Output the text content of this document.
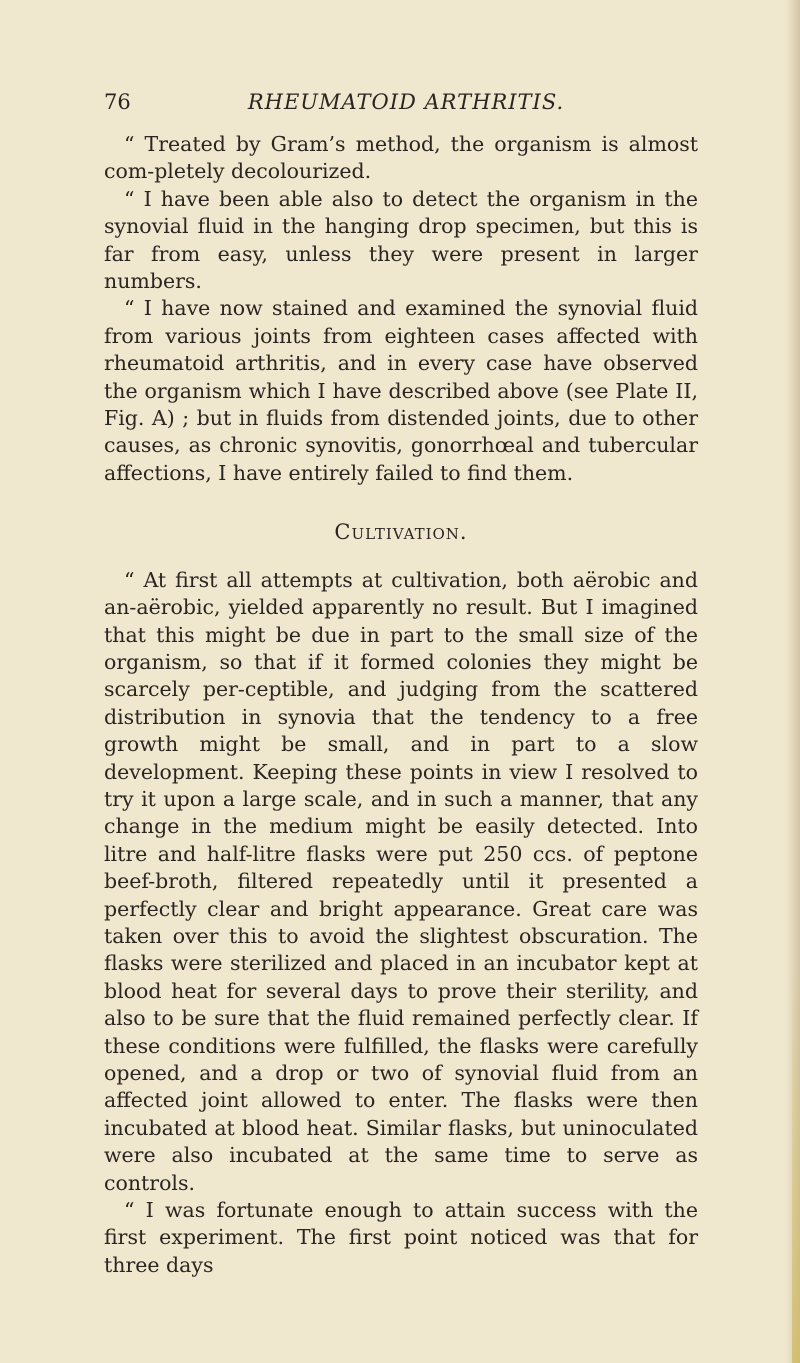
76	RHEUMATOID ARTHRITIS.

“ Treated by Gram’s method, the organism is almost com-pletely decolourized.

“ I have been able also to detect the organism in the synovial fluid in the hanging drop specimen, but this is far from easy, unless they were present in larger numbers.

“ I have now stained and examined the synovial fluid from various joints from eighteen cases affected with rheumatoid arthritis, and in every case have observed the organism which I have described above (see Plate II, Fig. A) ; but in fluids from distended joints, due to other causes, as chronic synovitis, gonorrhœal and tubercular affections, I have entirely failed to find them.

Cultivation.

“ At first all attempts at cultivation, both aërobic and an-aërobic, yielded apparently no result. But I imagined that this might be due in part to the small size of the organism, so that if it formed colonies they might be scarcely per-ceptible, and judging from the scattered distribution in synovia that the tendency to a free growth might be small, and in part to a slow development. Keeping these points in view I resolved to try it upon a large scale, and in such a manner, that any change in the medium might be easily detected. Into litre and half-litre flasks were put 250 ccs. of peptone beef-broth, filtered repeatedly until it presented a perfectly clear and bright appearance. Great care was taken over this to avoid the slightest obscuration. The flasks were sterilized and placed in an incubator kept at blood heat for several days to prove their sterility, and also to be sure that the fluid remained perfectly clear. If these conditions were fulfilled, the flasks were carefully opened, and a drop or two of synovial fluid from an affected joint allowed to enter. The flasks were then incubated at blood heat. Similar flasks, but uninoculated were also incubated at the same time to serve as controls.

“ I was fortunate enough to attain success with the first experiment. The first point noticed was that for three days
